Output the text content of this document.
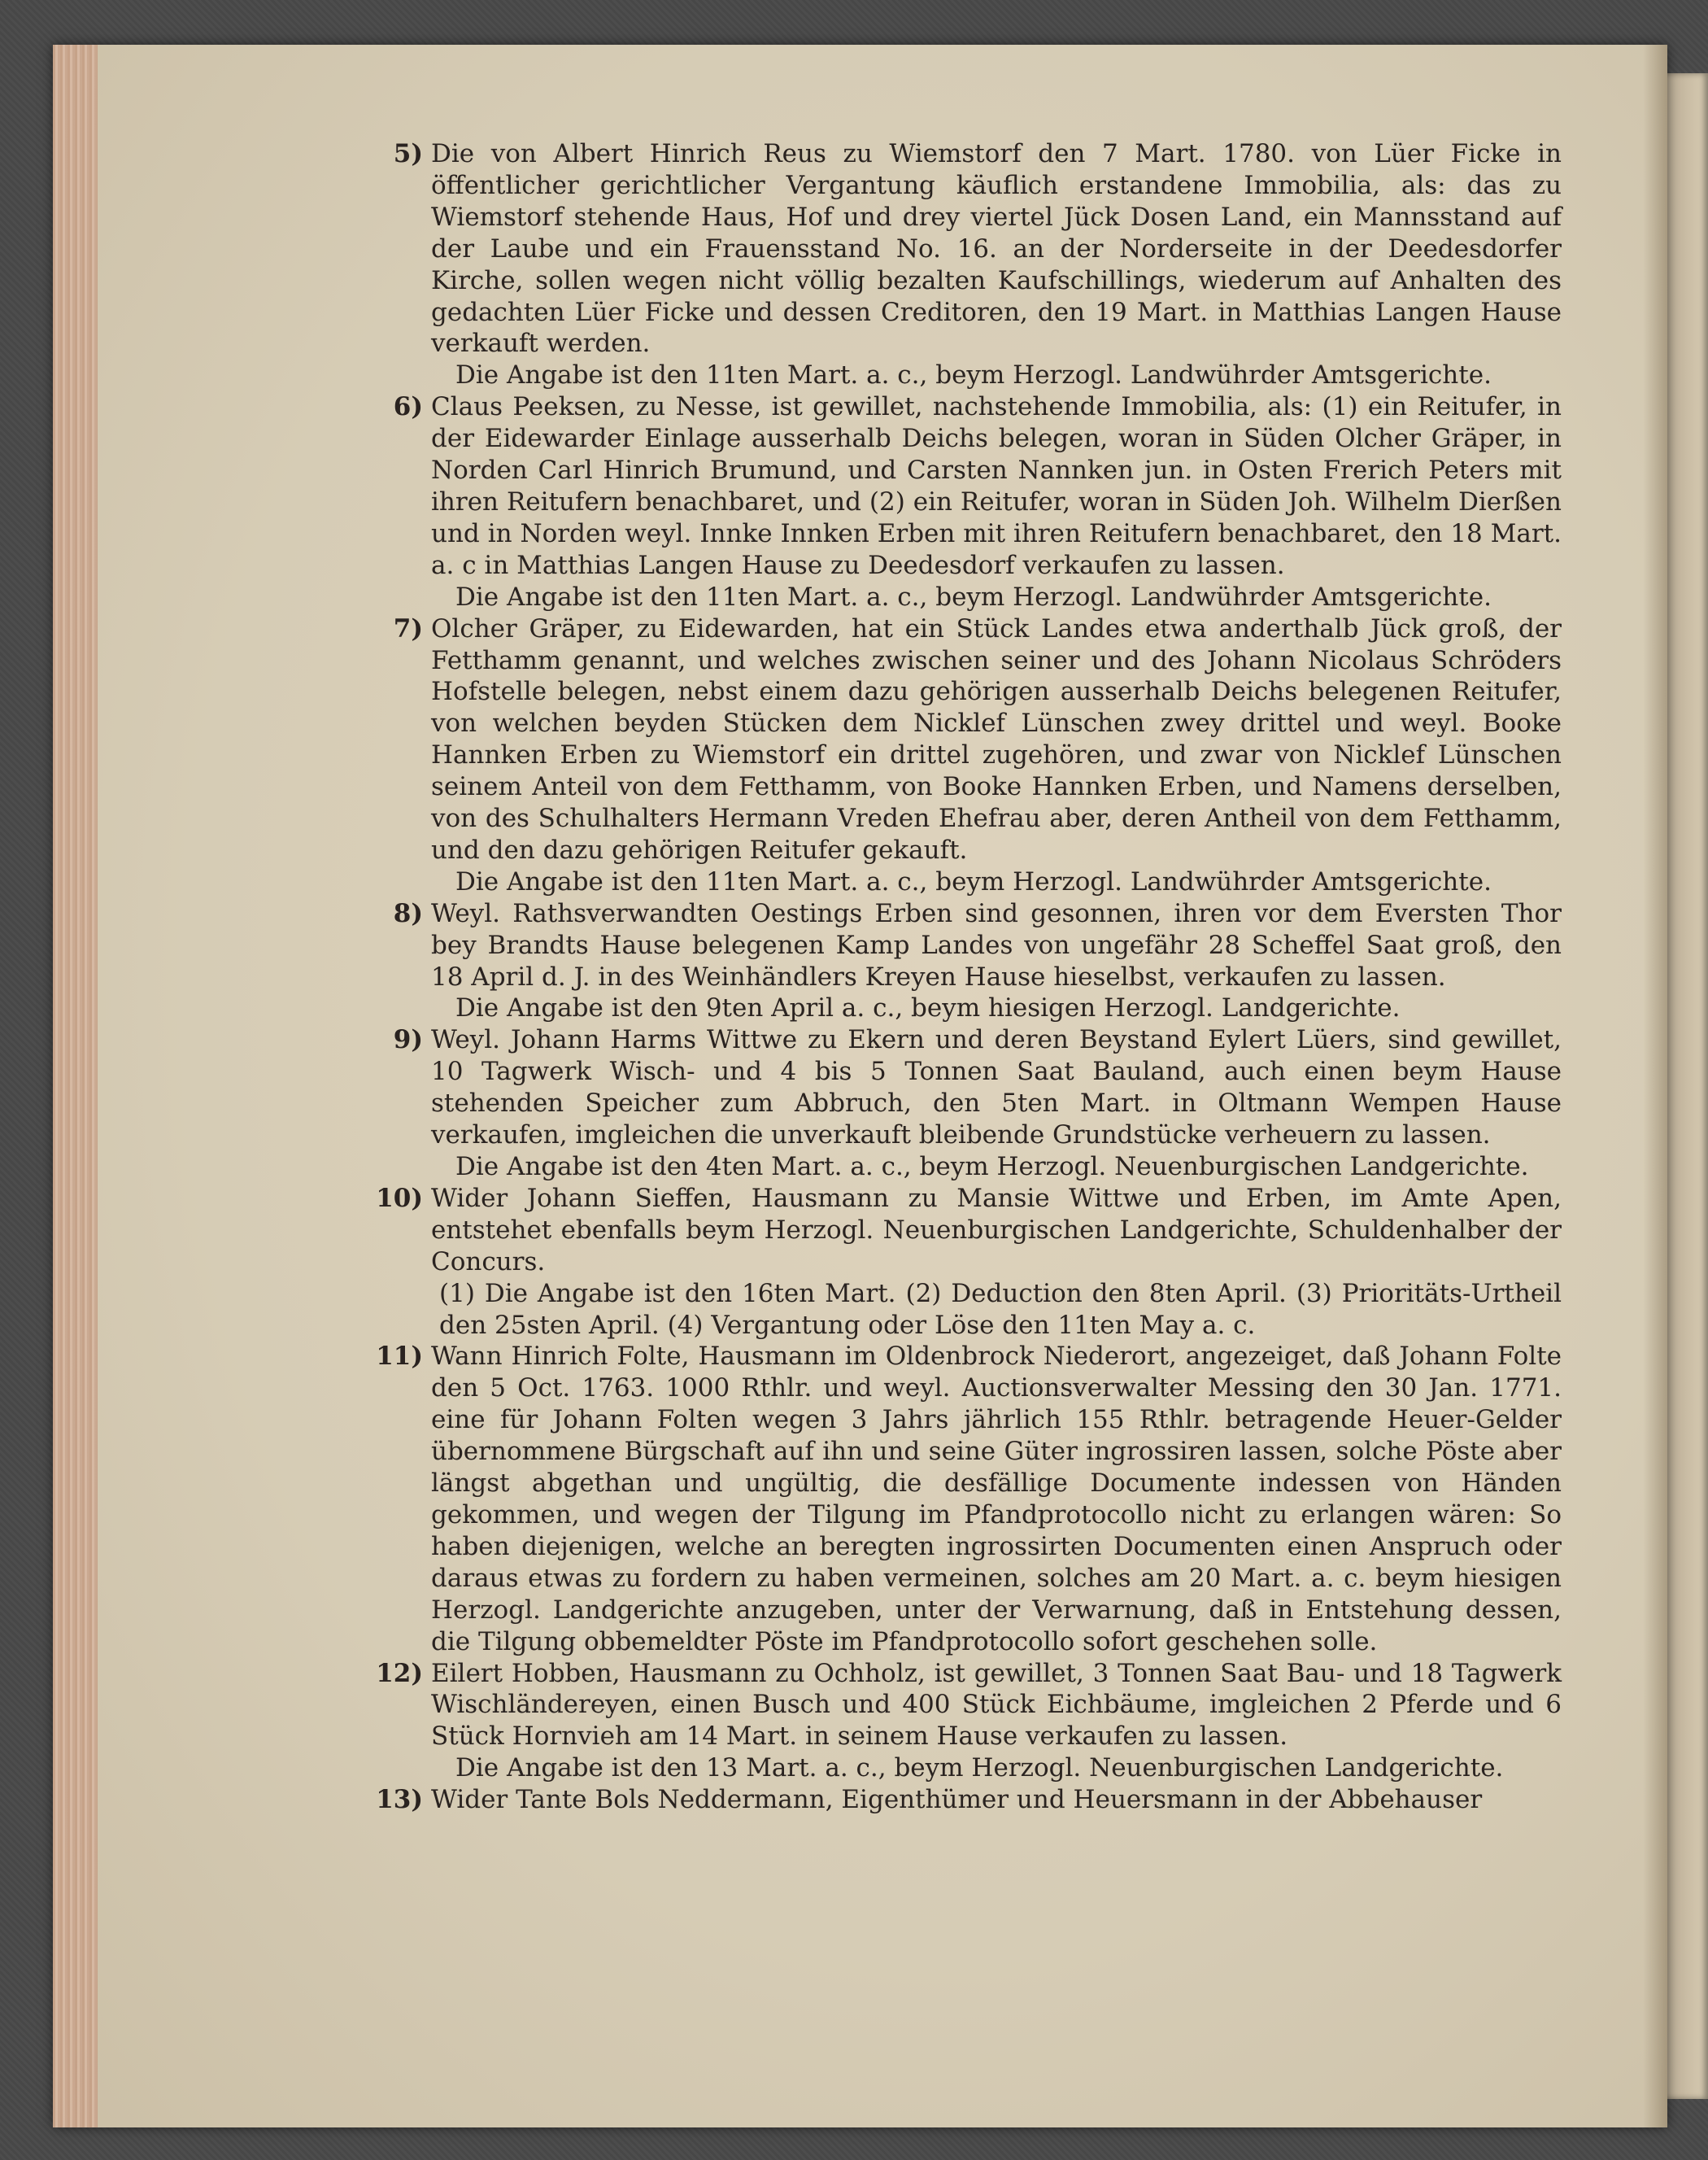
5) Die von Albert Hinrich Reus zu Wiemstorf den 7 Mart. 1780. von Lüer Ficke in öffentlicher gerichtlicher Vergantung käuflich erstandene Immobilia, als: das zu Wiemstorf stehende Haus, Hof und drey viertel Jück Dosen Land, ein Mannsstand auf der Laube und ein Frauensstand No. 16. an der Norderseite in der Deedesdorfer Kirche, sollen wegen nicht völlig bezalten Kaufschillings, wiederum auf Anhalten des gedachten Lüer Ficke und dessen Creditoren, den 19 Mart. in Matthias Langen Hause verkauft werden.
Die Angabe ist den 11ten Mart. a. c., beym Herzogl. Landwührder Amtsgerichte.
6) Claus Peeksen, zu Nesse, ist gewillet, nachstehende Immobilia, als: (1) ein Reitufer, in der Eidewarder Einlage ausserhalb Deichs belegen, woran in Süden Olcher Gräper, in Norden Carl Hinrich Brumund, und Carsten Nannken jun. in Osten Frerich Peters mit ihren Reitufern benachbaret, und (2) ein Reitufer, woran in Süden Joh. Wilhelm Dierßen und in Norden weyl. Innke Innken Erben mit ihren Reitufern benachbaret, den 18 Mart. a. c in Matthias Langen Hause zu Deedesdorf verkaufen zu lassen.
Die Angabe ist den 11ten Mart. a. c., beym Herzogl. Landwührder Amtsgerichte.
7) Olcher Gräper, zu Eidewarden, hat ein Stück Landes etwa anderthalb Jück groß, der Fetthamm genannt, und welches zwischen seiner und des Johann Nicolaus Schröders Hofstelle belegen, nebst einem dazu gehörigen ausserhalb Deichs belegenen Reitufer, von welchen beyden Stücken dem Nicklef Lünschen zwey drittel und weyl. Booke Hannken Erben zu Wiemstorf ein drittel zugehören, und zwar von Nicklef Lünschen seinem Anteil von dem Fetthamm, von Booke Hannken Erben, und Namens derselben, von des Schulhalters Hermann Vreden Ehefrau aber, deren Antheil von dem Fetthamm, und den dazu gehörigen Reitufer gekauft.
Die Angabe ist den 11ten Mart. a. c., beym Herzogl. Landwührder Amtsgerichte.
8) Weyl. Rathsverwandten Oestings Erben sind gesonnen, ihren vor dem Eversten Thor bey Brandts Hause belegenen Kamp Landes von ungefähr 28 Scheffel Saat groß, den 18 April d. J. in des Weinhändlers Kreyen Hause hieselbst, verkaufen zu lassen.
Die Angabe ist den 9ten April a. c., beym hiesigen Herzogl. Landgerichte.
9) Weyl. Johann Harms Wittwe zu Ekern und deren Beystand Eylert Lüers, sind gewillet, 10 Tagwerk Wisch- und 4 bis 5 Tonnen Saat Bauland, auch einen beym Hause stehenden Speicher zum Abbruch, den 5ten Mart. in Oltmann Wempen Hause verkaufen, imgleichen die unverkauft bleibende Grundstücke verheuern zu lassen.
Die Angabe ist den 4ten Mart. a. c., beym Herzogl. Neuenburgischen Landgerichte.
10) Wider Johann Sieffen, Hausmann zu Mansie Wittwe und Erben, im Amte Apen, entstehet ebenfalls beym Herzogl. Neuenburgischen Landgerichte, Schuldenhalber der Concurs.
(1) Die Angabe ist den 16ten Mart. (2) Deduction den 8ten April. (3) Prioritäts-Urtheil den 25sten April. (4) Vergantung oder Löse den 11ten May a. c.
11) Wann Hinrich Folte, Hausmann im Oldenbrock Niederort, angezeiget, daß Johann Folte den 5 Oct. 1763. 1000 Rthlr. und weyl. Auctionsverwalter Messing den 30 Jan. 1771. eine für Johann Folten wegen 3 Jahrs jährlich 155 Rthlr. betragende Heuer-Gelder übernommene Bürgschaft auf ihn und seine Güter ingrossiren lassen, solche Pöste aber längst abgethan und ungültig, die desfällige Documente indessen von Händen gekommen, und wegen der Tilgung im Pfandprotocollo nicht zu erlangen wären: So haben diejenigen, welche an beregten ingrossirten Documenten einen Anspruch oder daraus etwas zu fordern zu haben vermeinen, solches am 20 Mart. a. c. beym hiesigen Herzogl. Landgerichte anzugeben, unter der Verwarnung, daß in Entstehung dessen, die Tilgung obbemeldter Pöste im Pfandprotocollo sofort geschehen solle.
12) Eilert Hobben, Hausmann zu Ochholz, ist gewillet, 3 Tonnen Saat Bau- und 18 Tagwerk Wischländereyen, einen Busch und 400 Stück Eichbäume, imgleichen 2 Pferde und 6 Stück Hornvieh am 14 Mart. in seinem Hause verkaufen zu lassen.
Die Angabe ist den 13 Mart. a. c., beym Herzogl. Neuenburgischen Landgerichte.
13) Wider Tante Bols Neddermann, Eigenthümer und Heuersmann in der Abbehauser
